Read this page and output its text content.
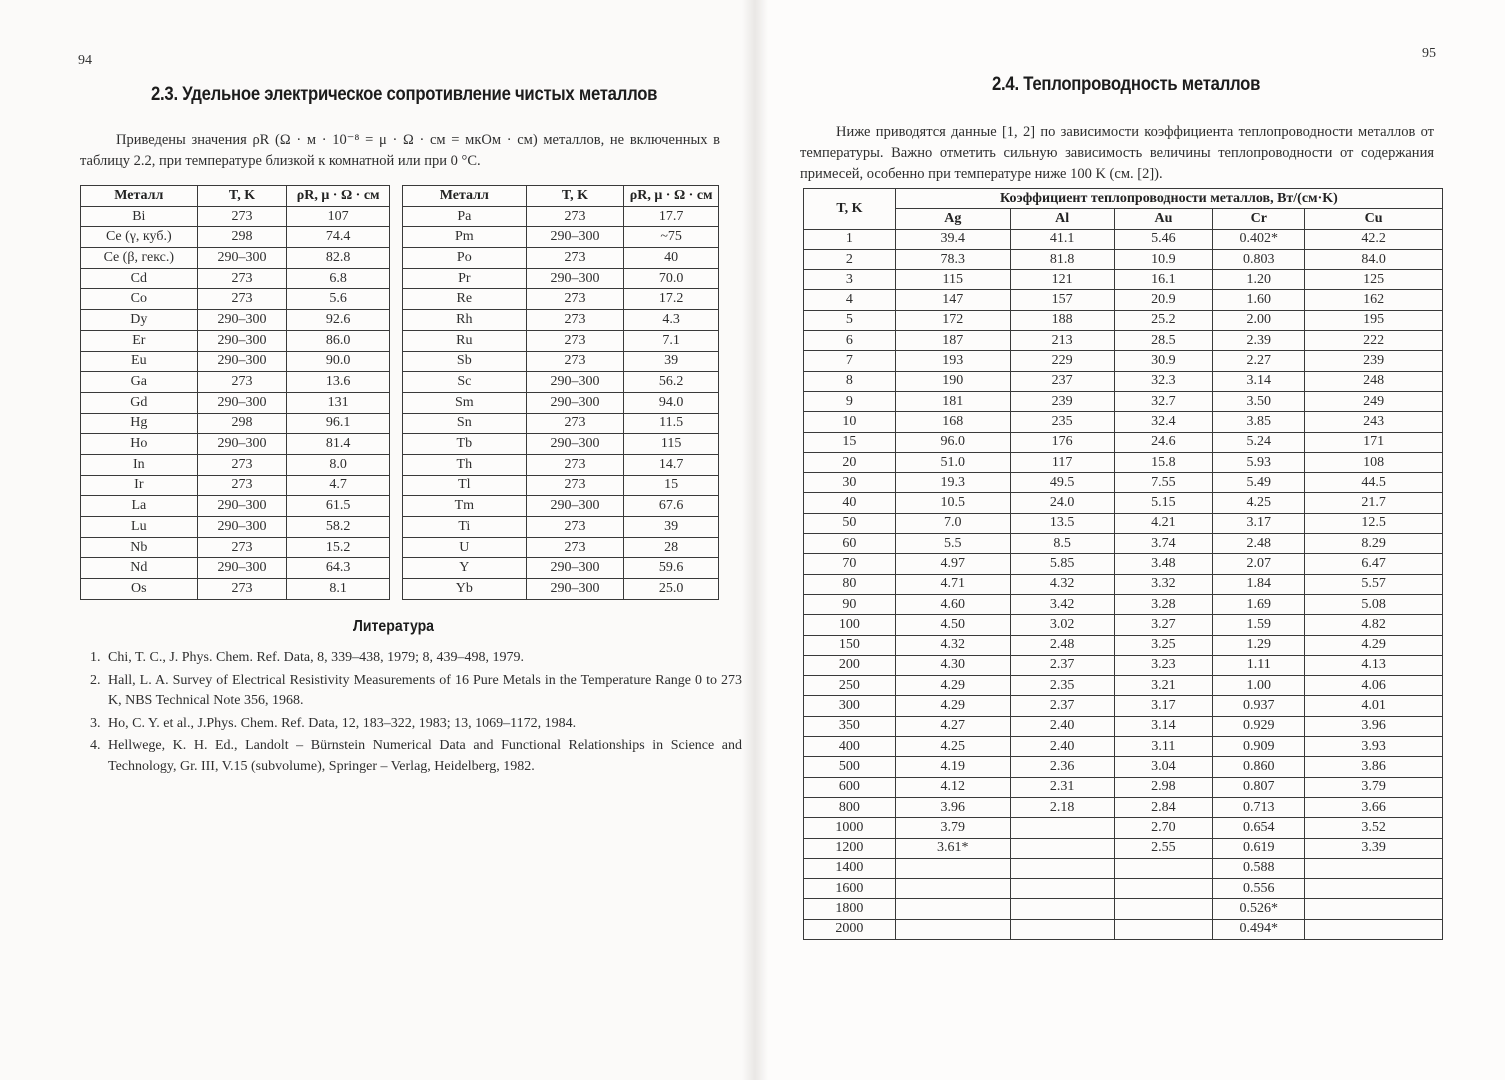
94
2.3. Удельное электрическое сопротивление чистых металлов
Приведены значения ρR (Ω · м · 10⁻⁸ = μ · Ω · см = мкОм · см) металлов, не включенных в таблицу 2.2, при температуре близкой к комнатной или при 0 °C.
Металл	T, K	ρR, μ · Ω · см
Bi	273	107
Ce (γ, куб.)	298	74.4
Ce (β, гекс.)	290–300	82.8
Cd	273	6.8
Co	273	5.6
Dy	290–300	92.6
Er	290–300	86.0
Eu	290–300	90.0
Ga	273	13.6
Gd	290–300	131
Hg	298	96.1
Ho	290–300	81.4
In	273	8.0
Ir	273	4.7
La	290–300	61.5
Lu	290–300	58.2
Nb	273	15.2
Nd	290–300	64.3
Os	273	8.1
Металл	T, K	ρR, μ · Ω · см
Pa	273	17.7
Pm	290–300	~75
Po	273	40
Pr	290–300	70.0
Re	273	17.2
Rh	273	4.3
Ru	273	7.1
Sb	273	39
Sc	290–300	56.2
Sm	290–300	94.0
Sn	273	11.5
Tb	290–300	115
Th	273	14.7
Tl	273	15
Tm	290–300	67.6
Ti	273	39
U	273	28
Y	290–300	59.6
Yb	290–300	25.0
Литература
1. Chi, T. C., J. Phys. Chem. Ref. Data, 8, 339–438, 1979; 8, 439–498, 1979.
2. Hall, L. A. Survey of Electrical Resistivity Measurements of 16 Pure Metals in the Temperature Range 0 to 273 K, NBS Technical Note 356, 1968.
3. Ho, C. Y. et al., J.Phys. Chem. Ref. Data, 12, 183–322, 1983; 13, 1069–1172, 1984.
4. Hellwege, K. H. Ed., Landolt – Bürnstein Numerical Data and Functional Relationships in Science and Technology, Gr. III, V.15 (subvolume), Springer – Verlag, Heidelberg, 1982.
95
2.4. Теплопроводность металлов
Ниже приводятся данные [1, 2] по зависимости коэффициента теплопроводности металлов от температуры. Важно отметить сильную зависимость величины теплопроводности от содержания примесей, особенно при температуре ниже 100 K (см. [2]).
T, K	Коэффициент теплопроводности металлов, Вт/(см·K)				
	Ag	Al	Au	Cr	Cu
1	39.4	41.1	5.46	0.402*	42.2
2	78.3	81.8	10.9	0.803	84.0
3	115	121	16.1	1.20	125
4	147	157	20.9	1.60	162
5	172	188	25.2	2.00	195
6	187	213	28.5	2.39	222
7	193	229	30.9	2.27	239
8	190	237	32.3	3.14	248
9	181	239	32.7	3.50	249
10	168	235	32.4	3.85	243
15	96.0	176	24.6	5.24	171
20	51.0	117	15.8	5.93	108
30	19.3	49.5	7.55	5.49	44.5
40	10.5	24.0	5.15	4.25	21.7
50	7.0	13.5	4.21	3.17	12.5
60	5.5	8.5	3.74	2.48	8.29
70	4.97	5.85	3.48	2.07	6.47
80	4.71	4.32	3.32	1.84	5.57
90	4.60	3.42	3.28	1.69	5.08
100	4.50	3.02	3.27	1.59	4.82
150	4.32	2.48	3.25	1.29	4.29
200	4.30	2.37	3.23	1.11	4.13
250	4.29	2.35	3.21	1.00	4.06
300	4.29	2.37	3.17	0.937	4.01
350	4.27	2.40	3.14	0.929	3.96
400	4.25	2.40	3.11	0.909	3.93
500	4.19	2.36	3.04	0.860	3.86
600	4.12	2.31	2.98	0.807	3.79
800	3.96	2.18	2.84	0.713	3.66
1000	3.79		2.70	0.654	3.52
1200	3.61*		2.55	0.619	3.39
1400				0.588	
1600				0.556	
1800				0.526*	
2000				0.494*	
